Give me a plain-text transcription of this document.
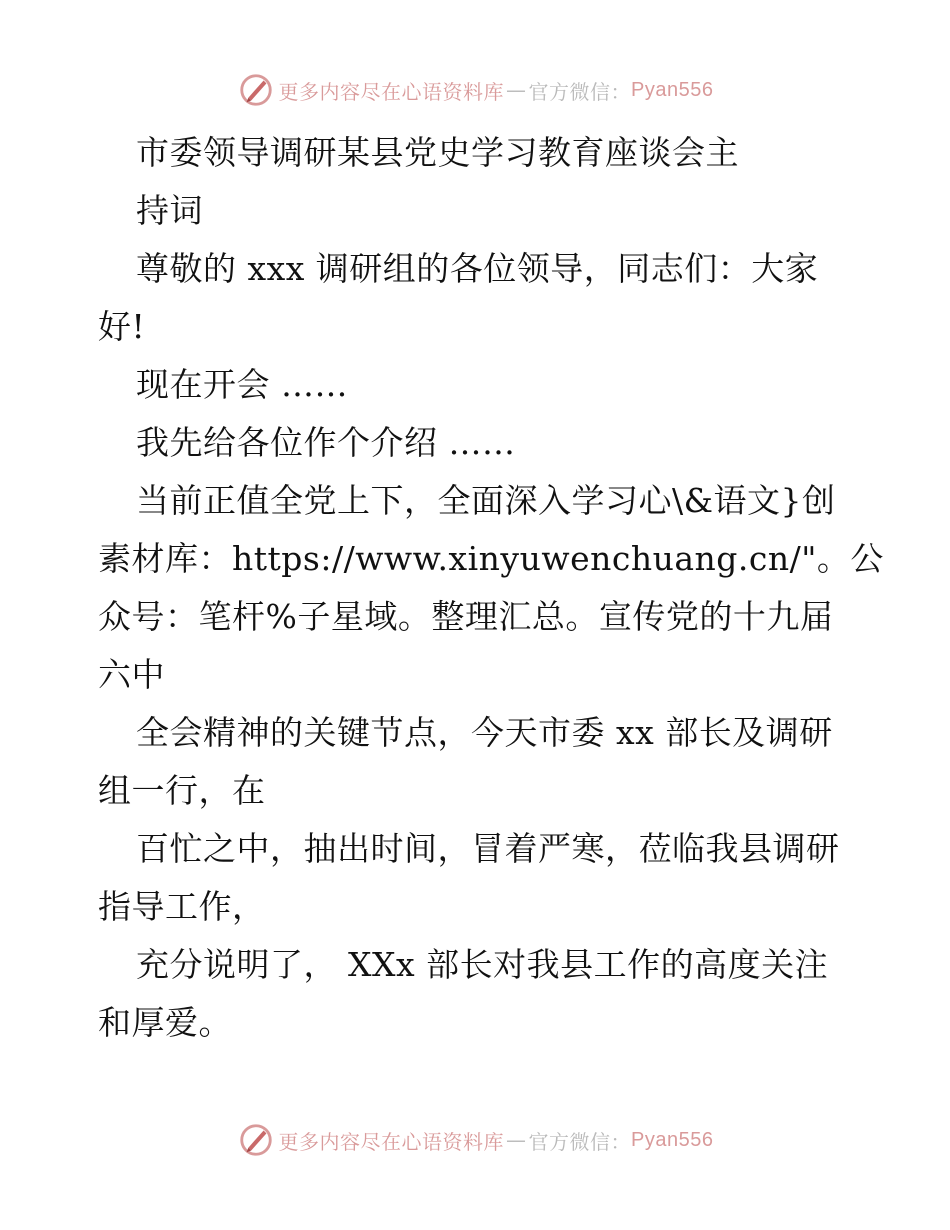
更多内容尽在心语资料库 — 官方微信： Pyan556
市委领导调研某县党史学习教育座谈会主
持词
尊敬的 xxx 调研组的各位领导，同志们：大家
好!
现在开会 ……
我先给各位作个介绍 ……
当前正值全党上下，全面深入学习心\&语文}创
素材库：https://www.xinyuwenchuang.cn/"。公
众号：笔杆%子星域。整理汇总。宣传党的十九届
六中
全会精神的关键节点，今天市委 xx 部长及调研
组一行，在
百忙之中，抽出时间，冒着严寒，莅临我县调研
指导工作，
充分说明了， XXx 部长对我县工作的高度关注
和厚爱。
更多内容尽在心语资料库 — 官方微信： Pyan556
